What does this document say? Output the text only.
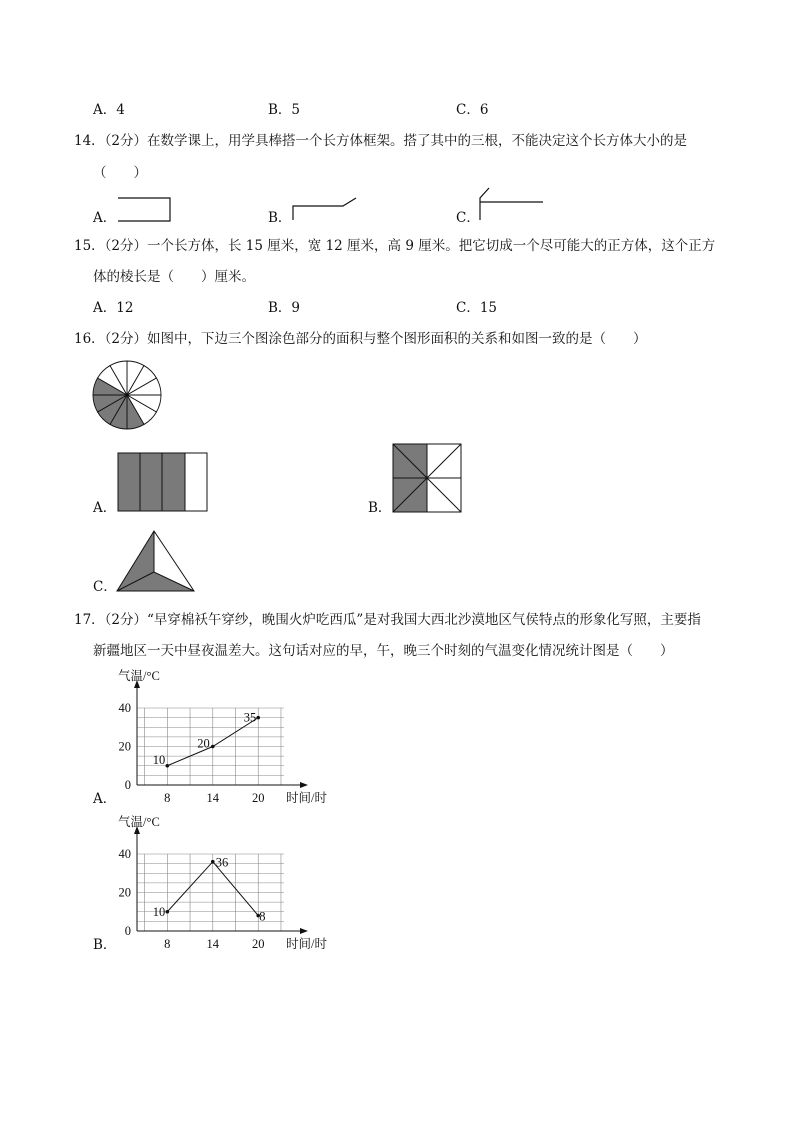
A．4	B．5	C．6
14．（2分）在数学课上，用学具棒搭一个长方体框架。搭了其中的三根，不能决定这个长方体大小的是
（　　）
A．	B．	C．
15．（2分）一个长方体，长 15 厘米，宽 12 厘米，高 9 厘米。把它切成一个尽可能大的正方体，这个正方
体的棱长是（　　）厘米。
A．12	B．9	C．15
16．（2分）如图中，下边三个图涂色部分的面积与整个图形面积的关系和如图一致的是（　　）
A．	B．
C．
17．（2分）“早穿棉袄午穿纱，晚围火炉吃西瓜”是对我国大西北沙漠地区气侯特点的形象化写照，主要指
新疆地区一天中昼夜温差大。这句话对应的早，午，晚三个时刻的气温变化情况统计图是（　　）
A．
气温/°C
时间/时
0
20
40
8	14	20
10
20
35
B．
气温/°C
时间/时
0
20
40
8	14	20
10
36
8
